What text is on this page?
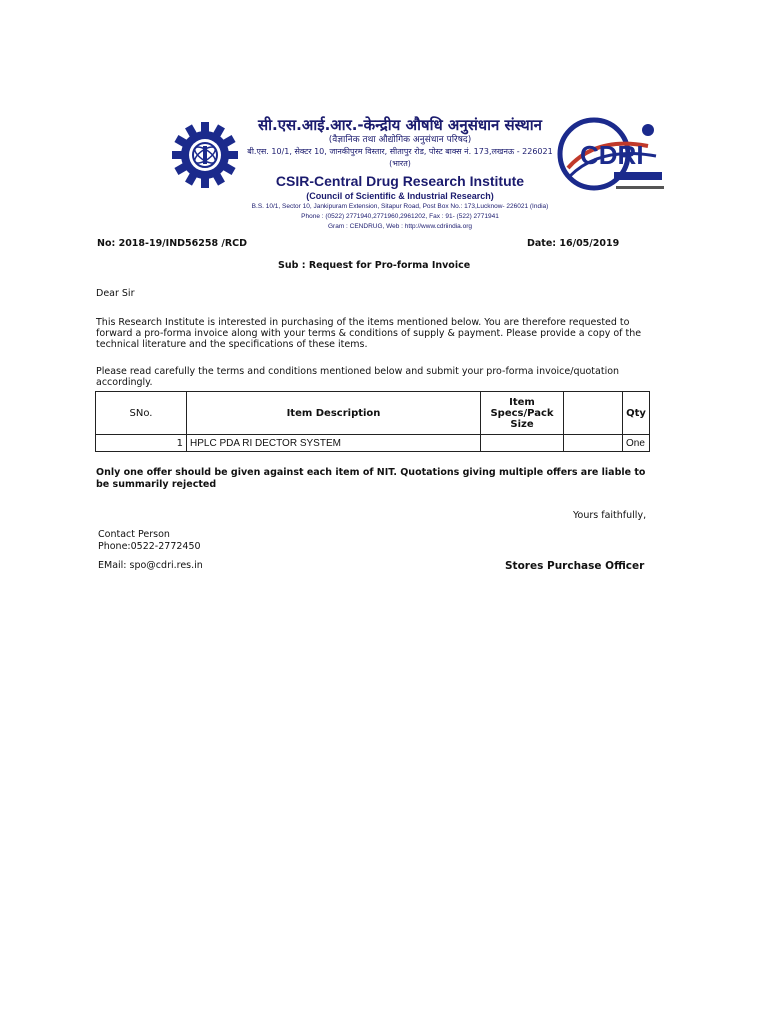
सी.एस.आई.आर.-केन्द्रीय औषधि अनुसंधान संस्थान
(वैज्ञानिक तथा औद्योगिक अनुसंधान परिषद)
बी.एस. 10/1, सेक्टर 10, जानकीपुरम विस्तार, सीतापुर रोड, पोस्ट बाक्स नं. 173,लखनऊ - 226021 (भारत)
CSIR-Central Drug Research Institute
(Council of Scientific & Industrial Research)
B.S. 10/1, Sector 10, Jankipuram Extension, Sitapur Road, Post Box No.: 173,Lucknow- 226021 (India)
Phone : (0522) 2771940,2771960,2961202, Fax : 91- (522) 2771941
Gram : CENDRUG, Web : http://www.cdriindia.org
CDRI
No: 2018-19/IND56258 /RCD	Date: 16/05/2019
Sub : Request for Pro-forma Invoice
Dear Sir
This Research Institute is interested in purchasing of the items mentioned below. You are therefore requested to
forward a pro-forma invoice along with your terms & conditions of supply & payment. Please provide a copy of the
technical literature and the specifications of these items.
Please read carefully the terms and conditions mentioned below and submit your pro-forma invoice/quotation
accordingly.
SNo.	Item Description	Item
Specs/Pack
Size		Qty
1	HPLC PDA RI DECTOR SYSTEM			One
Only one offer should be given against each item of NIT. Quotations giving multiple offers are liable to
be summarily rejected
Yours faithfully,
Contact Person
Phone:0522-2772450
EMail: spo@cdri.res.in	Stores Purchase Officer
